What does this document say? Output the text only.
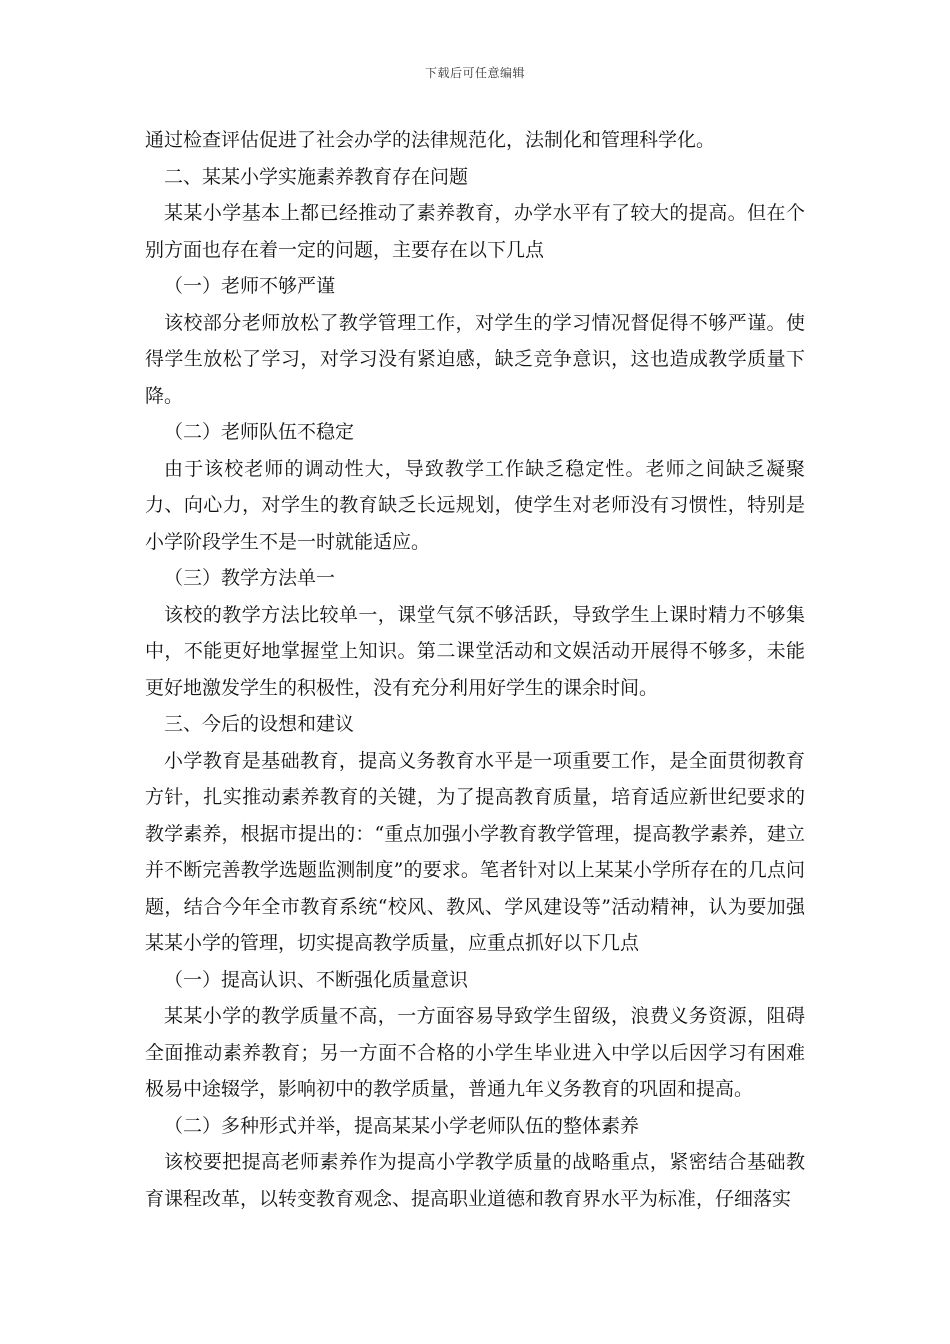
下载后可任意编辑

通过检查评估促进了社会办学的法律规范化，法制化和管理科学化。

二、某某小学实施素养教育存在问题

某某小学基本上都已经推动了素养教育，办学水平有了较大的提高。但在个别方面也存在着一定的问题，主要存在以下几点

（一）老师不够严谨

该校部分老师放松了教学管理工作，对学生的学习情况督促得不够严谨。使得学生放松了学习，对学习没有紧迫感，缺乏竞争意识，这也造成教学质量下降。

（二）老师队伍不稳定

由于该校老师的调动性大，导致教学工作缺乏稳定性。老师之间缺乏凝聚力、向心力，对学生的教育缺乏长远规划，使学生对老师没有习惯性，特别是小学阶段学生不是一时就能适应。

（三）教学方法单一

该校的教学方法比较单一，课堂气氛不够活跃，导致学生上课时精力不够集中，不能更好地掌握堂上知识。第二课堂活动和文娱活动开展得不够多，未能更好地激发学生的积极性，没有充分利用好学生的课余时间。

三、今后的设想和建议

小学教育是基础教育，提高义务教育水平是一项重要工作，是全面贯彻教育方针，扎实推动素养教育的关键，为了提高教育质量，培育适应新世纪要求的教学素养，根据市提出的：“重点加强小学教育教学管理，提高教学素养，建立并不断完善教学选题监测制度”的要求。笔者针对以上某某小学所存在的几点问题，结合今年全市教育系统“校风、教风、学风建设等”活动精神，认为要加强某某小学的管理，切实提高教学质量，应重点抓好以下几点

（一）提高认识、不断强化质量意识

某某小学的教学质量不高，一方面容易导致学生留级，浪费义务资源，阻碍全面推动素养教育；另一方面不合格的小学生毕业进入中学以后因学习有困难极易中途辍学，影响初中的教学质量，普通九年义务教育的巩固和提高。

（二）多种形式并举，提高某某小学老师队伍的整体素养

该校要把提高老师素养作为提高小学教学质量的战略重点，紧密结合基础教育课程改革，以转变教育观念、提高职业道德和教育界水平为标准，仔细落实
